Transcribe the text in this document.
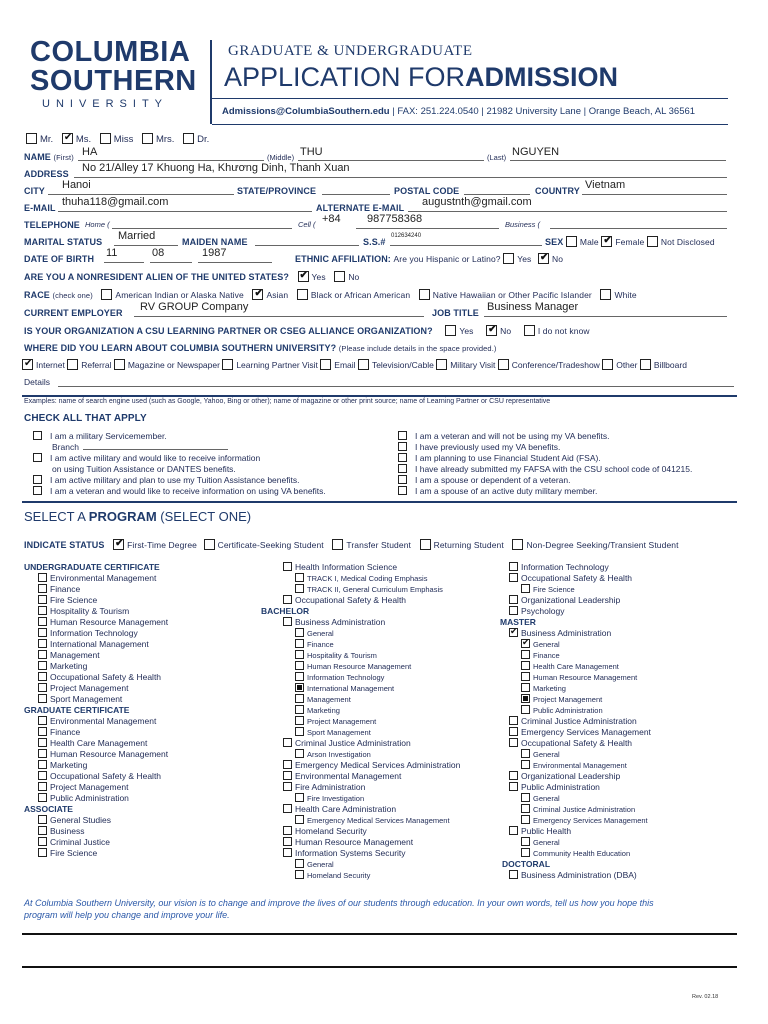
COLUMBIA
SOUTHERN
UNIVERSITY
GRADUATE & UNDERGRADUATE
APPLICATION FORADMISSION
Admissions@ColumbiaSouthern.edu | FAX: 251.224.0540 | 21982 University Lane | Orange Beach, AL 36561
Mr. ✔ Ms. Miss Mrs. Dr.
NAME (First) HA	(Middle) THU	(Last) NGUYEN
ADDRESS No 21/Alley 17 Khuong Ha, Khương Dinh, Thanh Xuan
CITY Hanoi	STATE/PROVINCE	POSTAL CODE	COUNTRY Vietnam
E-MAIL thuha118@gmail.com	ALTERNATE E-MAIL augustnth@gmail.com
TELEPHONE Home (	Cell ( +84 987758368	Business (
MARITAL STATUS Married	MAIDEN NAME	S.S.#
012634240
SEX Male ✔ Female Not Disclosed
DATE OF BIRTH 11	08	1987	ETHNIC AFFILIATION: Are you Hispanic or Latino? Yes ✔ No
ARE YOU A NONRESIDENT ALIEN OF THE UNITED STATES? ✔	Yes	No
RACE (check one)	American Indian or Alaska Native ✔	Asian	Black or African American	Native Hawaiian or Other Pacific Islander	White
CURRENT EMPLOYER RV GROUP Company	JOB TITLE Business Manager
IS YOUR ORGANIZATION A CSU LEARNING PARTNER OR CSEG ALLIANCE ORGANIZATION?	Yes ✔	No	I do not know
WHERE DID YOU LEARN ABOUT COLUMBIA SOUTHERN UNIVERSITY? (Please include details in the space provided.)
✔Internet Referral Magazine or Newspaper Learning Partner Visit Email Television/Cable Military Visit Conference/Tradeshow Other Billboard
Details
Examples: name of search engine used (such as Google, Yahoo, Bing or other); name of magazine or other print source; name of Learning Partner or CSU representative
CHECK ALL THAT APPLY
I am a military Servicemember.
Branch
I am active military and would like to receive information
on using Tuition Assistance or DANTES benefits.
I am active military and plan to use my Tuition Assistance benefits.
I am a veteran and would like to receive information on using VA benefits.
I am a veteran and will not be using my VA benefits.
I have previously used my VA benefits.
I am planning to use Financial Student Aid (FSA).
I have already submitted my FAFSA with the CSU school code of 041215.
I am a spouse or dependent of a veteran.
I am a spouse of an active duty military member.
SELECT A PROGRAM (SELECT ONE)
INDICATE STATUS ✔	First-Time Degree Certificate-Seeking Student	Transfer Student	Returning Student	Non-Degree Seeking/Transient Student
UNDERGRADUATE CERTIFICATE
Environmental Management
Finance
Fire Science
Hospitality & Tourism
Human Resource Management
Information Technology
International Management
Management
Marketing
Occupational Safety & Health
Project Management
Sport Management
GRADUATE CERTIFICATE
Environmental Management
Finance
Health Care Management
Human Resource Management
Marketing
Occupational Safety & Health
Project Management
Public Administration
ASSOCIATE
General Studies
Business
Criminal Justice
Fire Science
Health Information Science
TRACK I, Medical Coding Emphasis
TRACK II, General Curriculum Emphasis
Occupational Safety & Health
BACHELOR
Business Administration
General
Finance
Hospitality & Tourism
Human Resource Management
Information Technology
International Management
Management
Marketing
Project Management
Sport Management
Criminal Justice Administration
Arson Investigation
Emergency Medical Services Administration
Environmental Management
Fire Administration
Fire Investigation
Health Care Administration
Emergency Medical Services Management
Homeland Security
Human Resource Management
Information Systems Security
General
Homeland Security
Information Technology
Occupational Safety & Health
Fire Science
Organizational Leadership
Psychology
MASTER
✔Business Administration
✔General
Finance
Health Care Management
Human Resource Management
Marketing
Project Management
Public Administration
Criminal Justice Administration
Emergency Services Management
Occupational Safety & Health
General
Environmental Management
Organizational Leadership
Public Administration
General
Criminal Justice Administration
Emergency Services Management
Public Health
General
Community Health Education
DOCTORAL
Business Administration (DBA)
At Columbia Southern University, our vision is to change and improve the lives of our students through education. In your own words, tell us how you hope this program will help you change and improve your life.
Rev. 02.18
